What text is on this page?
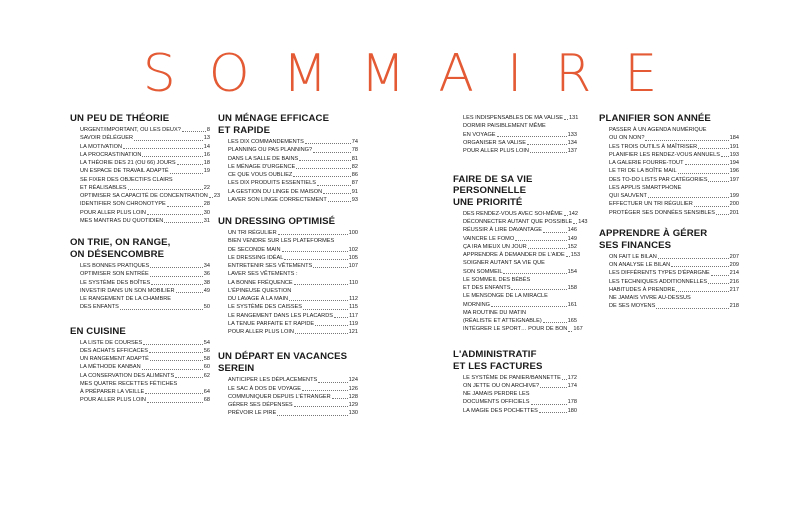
SOMMAIRE
UN PEU DE THÉORIE
URGENT/IMPORTANT, OU LES DEUX?	8
SAVOIR DÉLÉGUER	13
LA MOTIVATION	14
LA PROCRASTINATION	16
LA THÉORIE DES 21 (OU 66) JOURS	18
UN ESPACE DE TRAVAIL ADAPTÉ	19
SE FIXER DES OBJECTIFS CLAIRS
ET RÉALISABLES	22
OPTIMISER SA CAPACITÉ DE CONCENTRATION 23
IDENTIFIER SON CHRONOTYPE	28
POUR ALLER PLUS LOIN	30
MES MANTRAS DU QUOTIDIEN	31
ON TRIE, ON RANGE,
ON DÉSENCOMBRE
LES BONNES PRATIQUES	34
OPTIMISER SON ENTRÉE	36
LE SYSTÈME DES BOÎTES	38
INVESTIR DANS UN SON MOBILIER	49
LE RANGEMENT DE LA CHAMBRE
DES ENFANTS	50
EN CUISINE
LA LISTE DE COURSES	54
DES ACHATS EFFICACES	56
UN RANGEMENT ADAPTÉ	58
LA MÉTHODE KANBAN	60
LA CONSERVATION DES ALIMENTS	62
MES QUATRE RECETTES FÉTICHES
À PRÉPARER LA VEILLE	64
POUR ALLER PLUS LOIN	68
UN MÉNAGE EFFICACE
ET RAPIDE
LES DIX COMMANDEMENTS	74
PLANNING OU PAS PLANNING?	78
DANS LA SALLE DE BAINS	81
LE MÉNAGE D'URGENCE	82
CE QUE VOUS OUBLIEZ	86
LES DIX PRODUITS ESSENTIELS	87
LA GESTION DU LINGE DE MAISON	91
LAVER SON LINGE CORRECTEMENT	93
UN DRESSING OPTIMISÉ
UN TRI RÉGULIER	100
BIEN VENDRE SUR LES PLATEFORMES
DE SECONDE MAIN	102
LE DRESSING IDÉAL	105
ENTRETENIR SES VÊTEMENTS	107
LAVER SES VÊTEMENTS :
LA BONNE FRÉQUENCE	110
L'ÉPINEUSE QUESTION
DU LAVAGE À LA MAIN	112
LE SYSTÈME DES CAISSES	115
LE RANGEMENT DANS LES PLACARDS	117
LA TENUE PARFAITE ET RAPIDE	119
POUR ALLER PLUS LOIN	121
UN DÉPART EN VACANCES
SEREIN
ANTICIPER LES DÉPLACEMENTS	124
LE SAC À DOS DE VOYAGE	126
COMMUNIQUER DEPUIS L'ÉTRANGER	128
GÉRER SES DÉPENSES	129
PRÉVOIR LE PIRE	130
LES INDISPENSABLES DE MA VALISE 131
DORMIR PAISIBLEMENT MÊME
EN VOYAGE	133
ORGANISER SA VALISE	134
POUR ALLER PLUS LOIN	137
FAIRE DE SA VIE PERSONNELLE
UNE PRIORITÉ
DES RENDEZ-VOUS AVEC SOI-MÊME 142
DÉCONNECTER AUTANT QUE POSSIBLE 143
RÉUSSIR À LIRE DAVANTAGE	146
VAINCRE LE FOMO	149
ÇA IRA MIEUX UN JOUR	152
APPRENDRE À DEMANDER DE L'AIDE 153
SOIGNER AUTANT SA VIE QUE
SON SOMMEIL	154
LE SOMMEIL DES BÉBÉS
ET DES ENFANTS	158
LE MENSONGE DE LA MIRACLE
MORNING	161
MA ROUTINE DU MATIN
(RÉALISTE ET ATTEIGNABLE)	165
INTÉGRER LE SPORT… POUR DE BON 167
L'ADMINISTRATIF
ET LES FACTURES
LE SYSTÈME DE PANIER/BANNETTE 172
ON JETTE OU ON ARCHIVE?	174
NE JAMAIS PERDRE LES
DOCUMENTS OFFICIELS	178
LA MAGIE DES POCHETTES	180
PLANIFIER SON ANNÉE
PASSER À UN AGENDA NUMÉRIQUE
OU ON NON?	184
LES TROIS OUTILS À MAÎTRISER	191
PLANIFIER LES RENDEZ-VOUS ANNUELS 193
LA GALERIE FOURRE-TOUT	194
LE TRI DE LA BOÎTE MAIL	196
DES TO-DO LISTS PAR CATÉGORIES	197
LES APPLIS SMARTPHONE
QUI SAUVENT	199
EFFECTUER UN TRI RÉGULIER	200
PROTÉGER SES DONNÉES SENSIBLES	201
APPRENDRE À GÉRER
SES FINANCES
ON FAIT LE BILAN	207
ON ANALYSE LE BILAN	209
LES DIFFÉRENTS TYPES D'ÉPARGNE	214
LES TECHNIQUES ADDITIONNELLES	216
HABITUDES À PRENDRE	217
NE JAMAIS VIVRE AU-DESSUS
DE SES MOYENS	218
